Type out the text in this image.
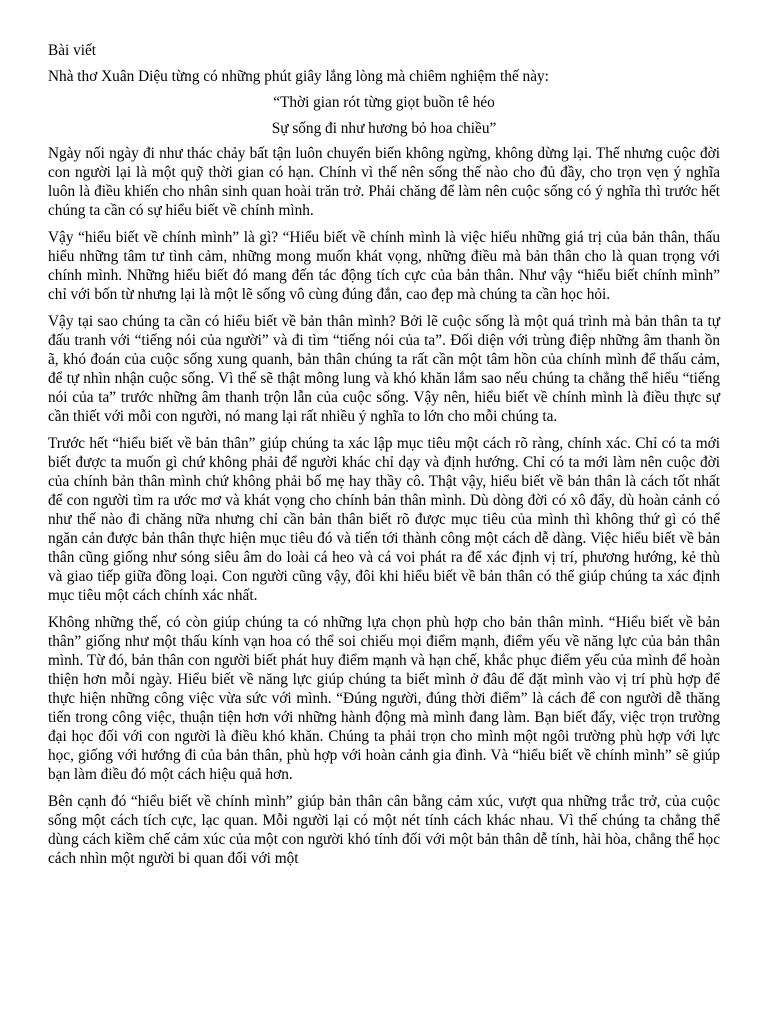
Bài viết

Nhà thơ Xuân Diệu từng có những phút giây lắng lòng mà chiêm nghiệm thế này:

“Thời gian rót từng giọt buồn tê héo

Sự sống đi như hương bỏ hoa chiều”

Ngày nối ngày đi như thác chảy bất tận luôn chuyển biến không ngừng, không dừng lại. Thế nhưng cuộc đời con người lại là một quỹ thời gian có hạn. Chính vì thế nên sống thế nào cho đủ đầy, cho trọn vẹn ý nghĩa luôn là điều khiến cho nhân sinh quan hoài trăn trở. Phải chăng để làm nên cuộc sống có ý nghĩa thì trước hết chúng ta cần có sự hiểu biết về chính mình.

Vậy “hiểu biết về chính mình” là gì? “Hiểu biết về chính mình là việc hiểu những giá trị của bản thân, thấu hiểu những tâm tư tình cảm, những mong muốn khát vọng, những điều mà bản thân cho là quan trọng với chính mình. Những hiểu biết đó mang đến tác động tích cực của bản thân. Như vậy “hiểu biết chính mình” chỉ với bốn từ nhưng lại là một lẽ sống vô cùng đúng đắn, cao đẹp mà chúng ta cần học hỏi.

Vậy tại sao chúng ta cần có hiểu biết về bản thân mình? Bởi lẽ cuộc sống là một quá trình mà bản thân ta tự đấu tranh với “tiếng nói của người” và đi tìm “tiếng nói của ta”. Đối diện với trùng điệp những âm thanh ồn ã, khó đoán của cuộc sống xung quanh, bản thân chúng ta rất cần một tâm hồn của chính mình để thấu cảm, để tự nhìn nhận cuộc sống. Vì thế sẽ thật mông lung và khó khăn lắm sao nếu chúng ta chẳng thể hiểu “tiếng nói của ta” trước những âm thanh trộn lẫn của cuộc sống. Vậy nên, hiểu biết về chính mình là điều thực sự cần thiết với mỗi con người, nó mang lại rất nhiều ý nghĩa to lớn cho mỗi chúng ta.

Trước hết “hiểu biết về bản thân” giúp chúng ta xác lập mục tiêu một cách rõ ràng, chính xác. Chỉ có ta mới biết được ta muốn gì chứ không phải để người khác chỉ dạy và định hướng. Chỉ có ta mới làm nên cuộc đời của chính bản thân mình chứ không phải bố mẹ hay thầy cô. Thật vậy, hiểu biết về bản thân là cách tốt nhất để con người tìm ra ước mơ và khát vọng cho chính bản thân mình. Dù dòng đời có xô đẩy, dù hoàn cảnh có như thế nào đi chăng nữa nhưng chỉ cần bản thân biết rõ được mục tiêu của mình thì không thứ gì có thể ngăn cản được bản thân thực hiện mục tiêu đó và tiến tới thành công một cách dễ dàng. Việc hiểu biết về bản thân cũng giống như sóng siêu âm do loài cá heo và cá voi phát ra để xác định vị trí, phương hướng, kẻ thù và giao tiếp giữa đồng loại. Con người cũng vậy, đôi khi hiểu biết về bản thân có thể giúp chúng ta xác định mục tiêu một cách chính xác nhất.

Không những thế, có còn giúp chúng ta có những lựa chọn phù hợp cho bản thân mình. “Hiểu biết về bản thân” giống như một thấu kính vạn hoa có thể soi chiếu mọi điểm mạnh, điểm yếu về năng lực của bản thân mình. Từ đó, bản thân con người biết phát huy điểm mạnh và hạn chế, khắc phục điểm yếu của mình để hoàn thiện hơn mỗi ngày. Hiểu biết về năng lực giúp chúng ta biết mình ở đâu để đặt mình vào vị trí phù hợp để thực hiện những công việc vừa sức với mình. “Đúng người, đúng thời điểm” là cách để con người dễ thăng tiến trong công việc, thuận tiện hơn với những hành động mà mình đang làm. Bạn biết đấy, việc trọn trường đại học đối với con người là điều khó khăn. Chúng ta phải trọn cho mình một ngôi trường phù hợp với lực học, giống với hướng đi của bản thân, phù hợp với hoàn cảnh gia đình. Và “hiểu biết về chính mình” sẽ giúp bạn làm điều đó một cách hiệu quả hơn.

Bên cạnh đó “hiểu biết về chính mình” giúp bản thân cân bằng cảm xúc, vượt qua những trắc trở, của cuộc sống một cách tích cực, lạc quan. Mỗi người lại có một nét tính cách khác nhau. Vì thế chúng ta chẳng thể dùng cách kiềm chế cảm xúc của một con người khó tính đối với một bản thân dễ tính, hài hòa, chẳng thể học cách nhìn một người bi quan đối với một
